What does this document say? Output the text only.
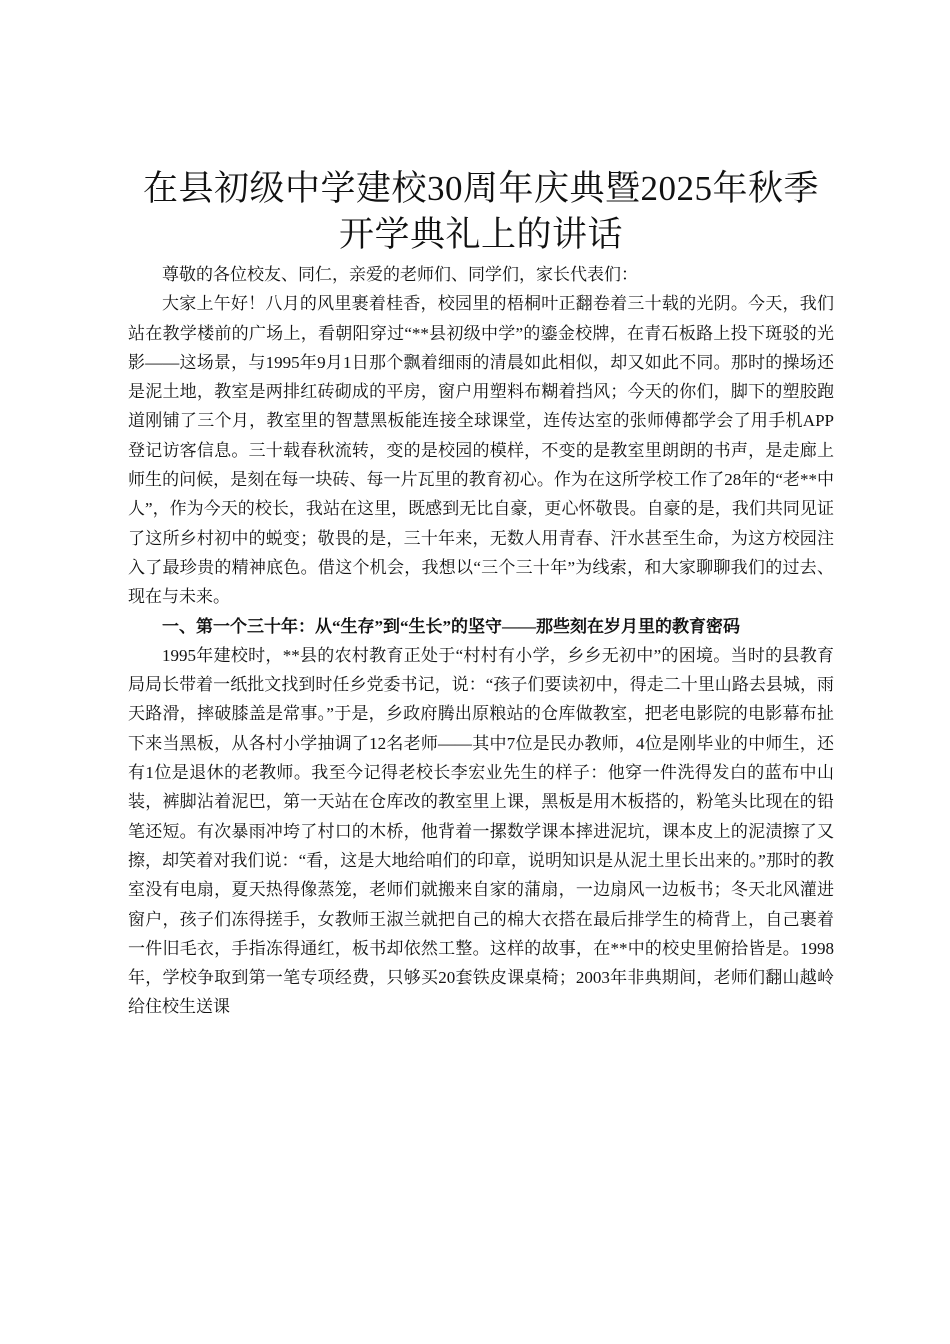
在县初级中学建校30周年庆典暨2025年秋季
开学典礼上的讲话

尊敬的各位校友、同仁，亲爱的老师们、同学们，家长代表们：

大家上午好！八月的风里裹着桂香，校园里的梧桐叶正翻卷着三十载的光阴。今天，我们站在教学楼前的广场上，看朝阳穿过“**县初级中学”的鎏金校牌，在青石板路上投下斑驳的光影——这场景，与1995年9月1日那个飘着细雨的清晨如此相似，却又如此不同。那时的操场还是泥土地，教室是两排红砖砌成的平房，窗户用塑料布糊着挡风；今天的你们，脚下的塑胶跑道刚铺了三个月，教室里的智慧黑板能连接全球课堂，连传达室的张师傅都学会了用手机APP登记访客信息。三十载春秋流转，变的是校园的模样，不变的是教室里朗朗的书声，是走廊上师生的问候，是刻在每一块砖、每一片瓦里的教育初心。作为在这所学校工作了28年的“老**中人”，作为今天的校长，我站在这里，既感到无比自豪，更心怀敬畏。自豪的是，我们共同见证了这所乡村初中的蜕变；敬畏的是，三十年来，无数人用青春、汗水甚至生命，为这方校园注入了最珍贵的精神底色。借这个机会，我想以“三个三十年”为线索，和大家聊聊我们的过去、现在与未来。

一、第一个三十年：从“生存”到“生长”的坚守——那些刻在岁月里的教育密码

1995年建校时，**县的农村教育正处于“村村有小学，乡乡无初中”的困境。当时的县教育局局长带着一纸批文找到时任乡党委书记，说：“孩子们要读初中，得走二十里山路去县城，雨天路滑，摔破膝盖是常事。”于是，乡政府腾出原粮站的仓库做教室，把老电影院的电影幕布扯下来当黑板，从各村小学抽调了12名老师——其中7位是民办教师，4位是刚毕业的中师生，还有1位是退休的老教师。我至今记得老校长李宏业先生的样子：他穿一件洗得发白的蓝布中山装，裤脚沾着泥巴，第一天站在仓库改的教室里上课，黑板是用木板搭的，粉笔头比现在的铅笔还短。有次暴雨冲垮了村口的木桥，他背着一摞数学课本摔进泥坑，课本皮上的泥渍擦了又擦，却笑着对我们说：“看，这是大地给咱们的印章，说明知识是从泥土里长出来的。”那时的教室没有电扇，夏天热得像蒸笼，老师们就搬来自家的蒲扇，一边扇风一边板书；冬天北风灌进窗户，孩子们冻得搓手，女教师王淑兰就把自己的棉大衣搭在最后排学生的椅背上，自己裹着一件旧毛衣，手指冻得通红，板书却依然工整。这样的故事，在**中的校史里俯拾皆是。1998年，学校争取到第一笔专项经费，只够买20套铁皮课桌椅；2003年非典期间，老师们翻山越岭给住校生送课
